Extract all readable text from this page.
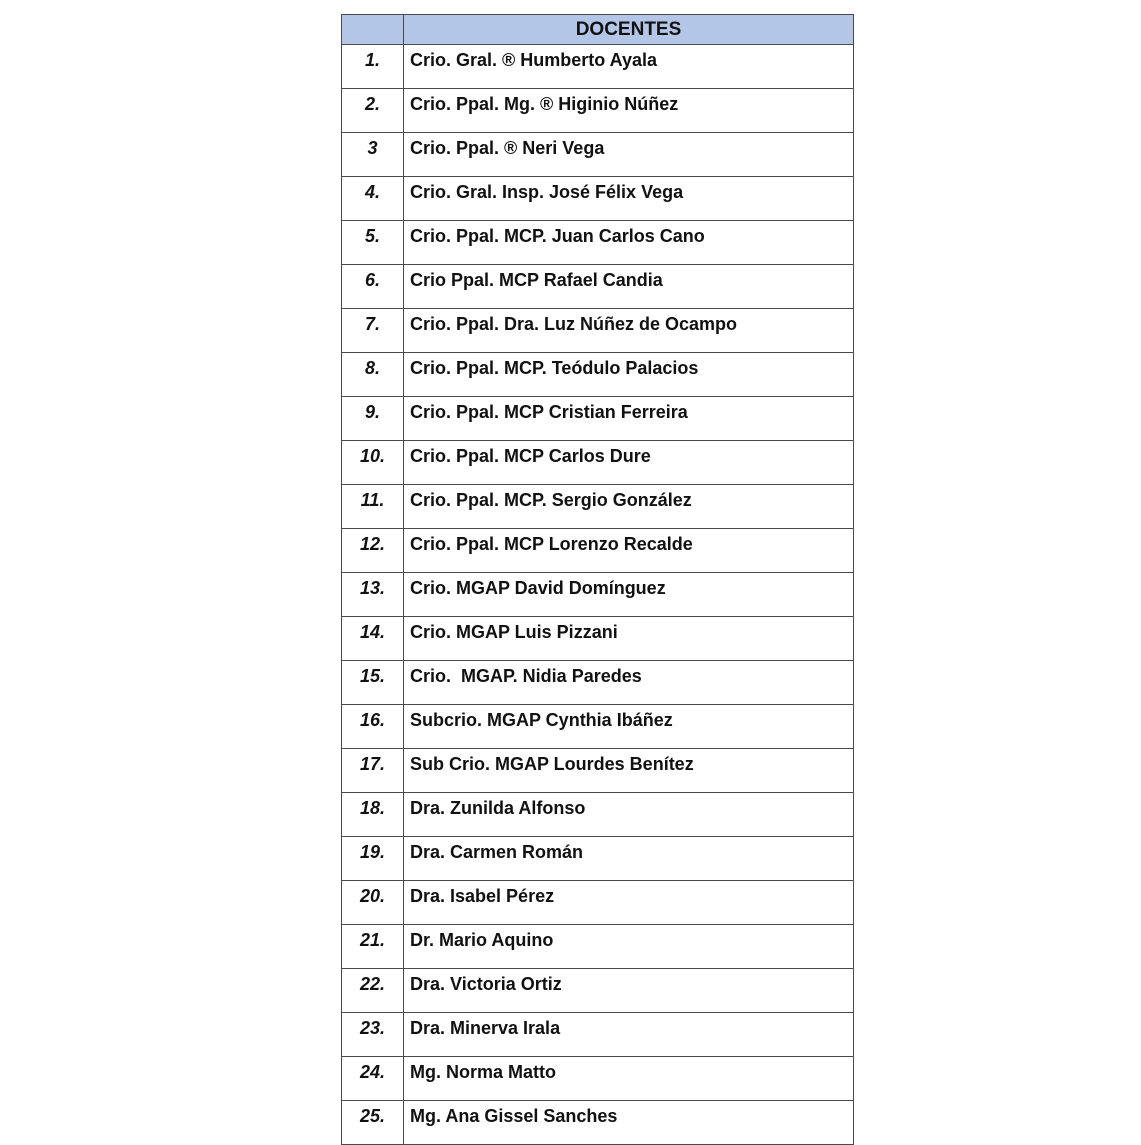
	DOCENTES
1.	Crio. Gral. ® Humberto Ayala
2.	Crio. Ppal. Mg. ® Higinio Núñez
3	Crio. Ppal. ® Neri Vega
4.	Crio. Gral. Insp. José Félix Vega
5.	Crio. Ppal. MCP. Juan Carlos Cano
6.	Crio Ppal. MCP Rafael Candia
7.	Crio. Ppal. Dra. Luz Núñez de Ocampo
8.	Crio. Ppal. MCP. Teódulo Palacios
9.	Crio. Ppal. MCP Cristian Ferreira
10.	Crio. Ppal. MCP Carlos Dure
11.	Crio. Ppal. MCP. Sergio González
12.	Crio. Ppal. MCP Lorenzo Recalde
13.	Crio. MGAP David Domínguez
14.	Crio. MGAP Luis Pizzani
15.	Crio.  MGAP. Nidia Paredes
16.	Subcrio. MGAP Cynthia Ibáñez
17.	Sub Crio. MGAP Lourdes Benítez
18.	Dra. Zunilda Alfonso
19.	Dra. Carmen Román
20.	Dra. Isabel Pérez
21.	Dr. Mario Aquino
22.	Dra. Victoria Ortiz
23.	Dra. Minerva Irala
24.	Mg. Norma Matto
25.	Mg. Ana Gissel Sanches
